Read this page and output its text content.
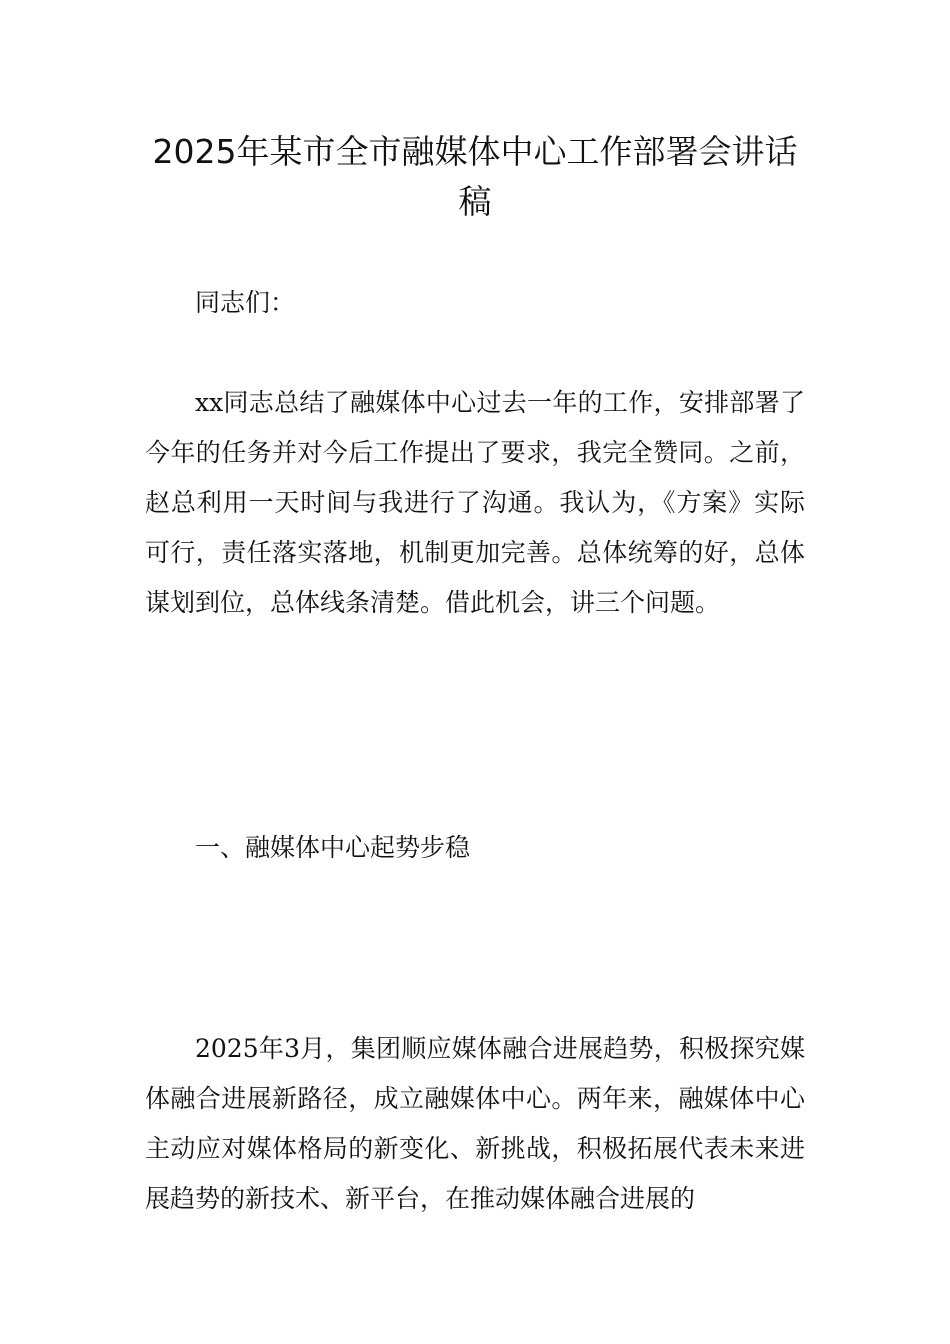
2025年某市全市融媒体中心工作部署会讲话稿

同志们：

xx同志总结了融媒体中心过去一年的工作，安排部署了今年的任务并对今后工作提出了要求，我完全赞同。之前，赵总利用一天时间与我进行了沟通。我认为，《方案》实际可行，责任落实落地，机制更加完善。总体统筹的好，总体谋划到位，总体线条清楚。借此机会，讲三个问题。

一、融媒体中心起势步稳

2025年3月，集团顺应媒体融合进展趋势，积极探究媒体融合进展新路径，成立融媒体中心。两年来，融媒体中心主动应对媒体格局的新变化、新挑战，积极拓展代表未来进展趋势的新技术、新平台，在推动媒体融合进展的
